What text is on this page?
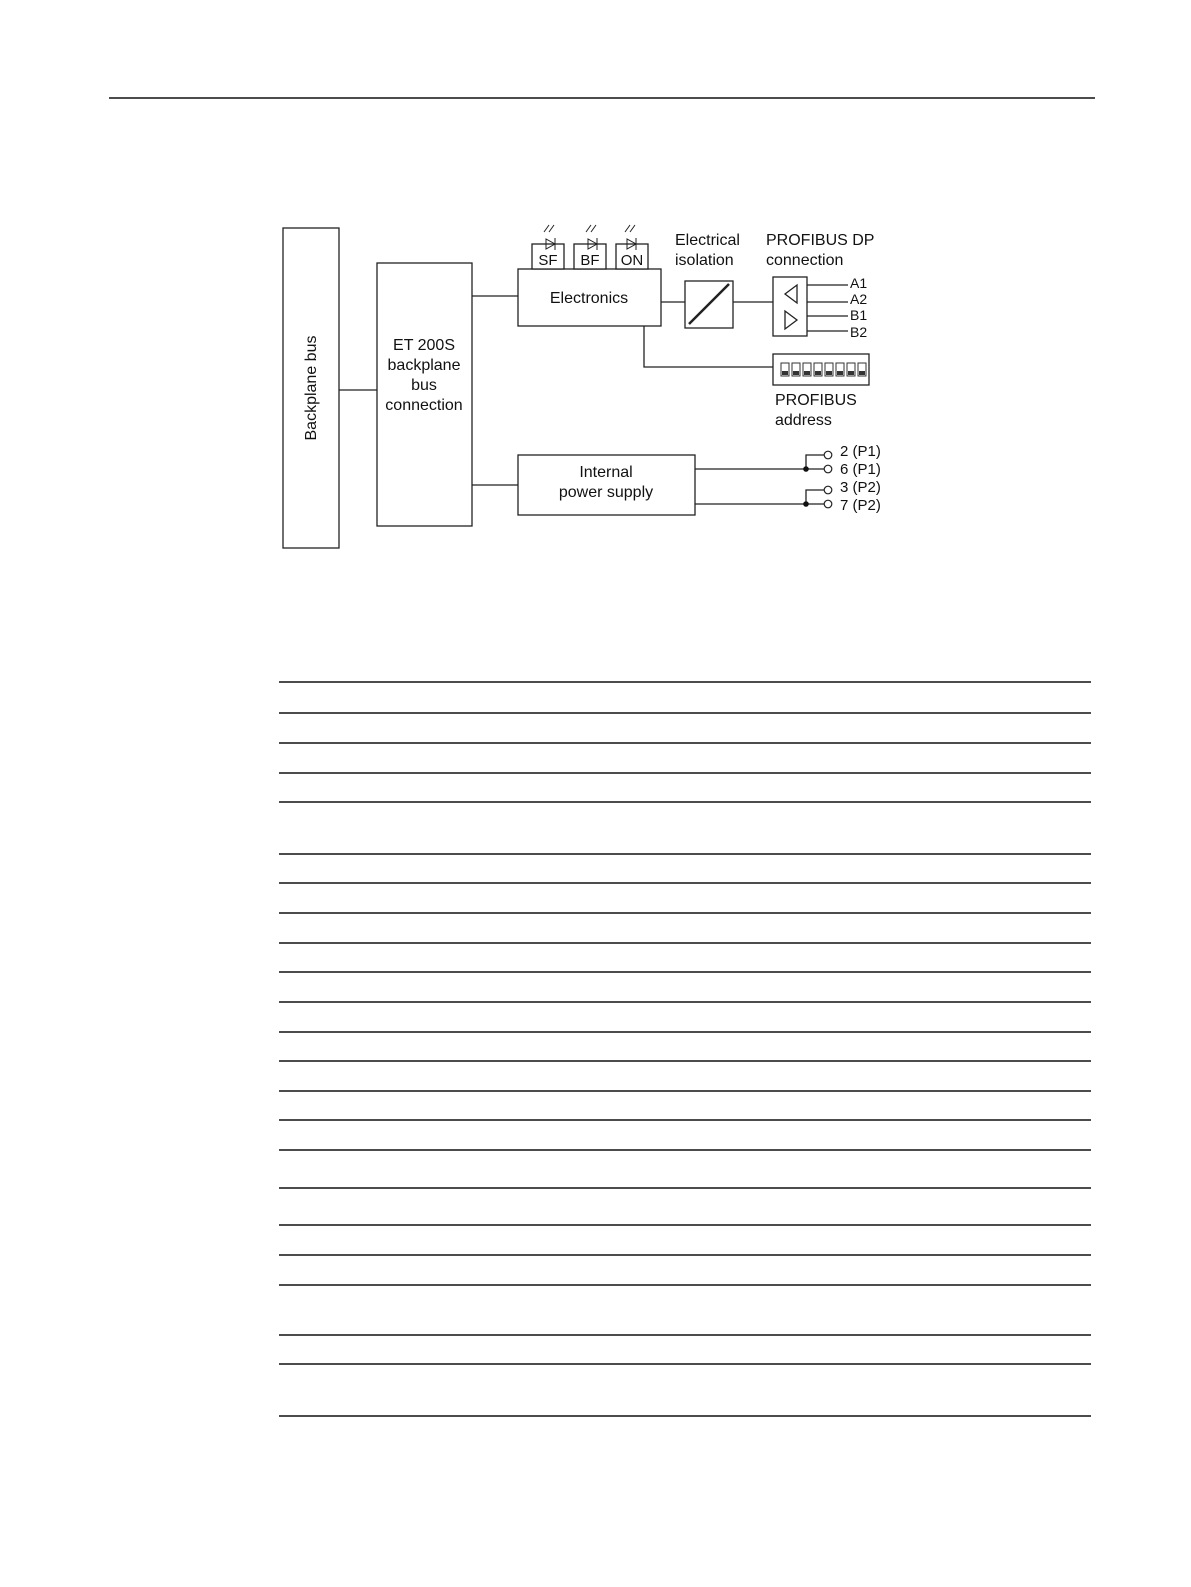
Backplane bus	ET 200S
backplane
bus
connection
Electronics
SF BF ON
Electrical
isolation
PROFIBUS DP
connection
A1
A2
B1
B2
PROFIBUS
address
Internal
power supply
2 (P1)
6 (P1)
3 (P2)
7 (P2)
